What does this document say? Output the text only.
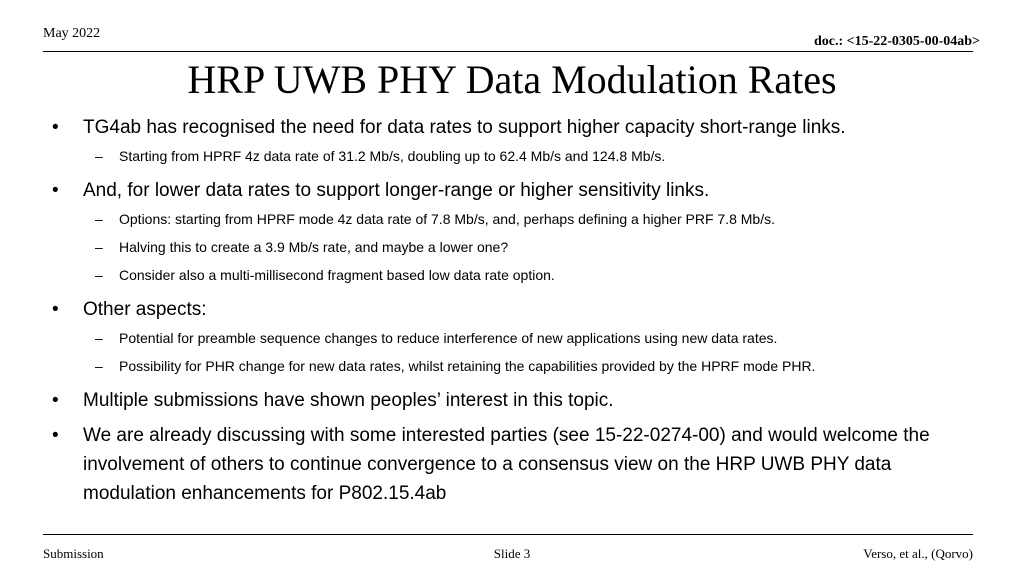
May 2022
doc.: <15-22-0305-00-04ab>
HRP UWB PHY Data Modulation Rates
•	TG4ab has recognised the need for data rates to support higher capacity short-range links.
– Starting from HPRF 4z data rate of 31.2 Mb/s, doubling up to 62.4 Mb/s and 124.8 Mb/s.
•	And, for lower data rates to support longer-range or higher sensitivity links.
– Options: starting from HPRF mode 4z data rate of 7.8 Mb/s, and, perhaps defining a higher PRF 7.8 Mb/s.
– Halving this to create a 3.9 Mb/s rate, and maybe a lower one?
– Consider also a multi-millisecond fragment based low data rate option.
•	Other aspects:
– Potential for preamble sequence changes to reduce interference of new applications using new data rates.
– Possibility for PHR change for new data rates, whilst retaining the capabilities provided by the HPRF mode PHR.
•	Multiple submissions have shown peoples’ interest in this topic.
•	We are already discussing with some interested parties (see 15-22-0274-00) and would welcome the involvement of others to continue convergence to a consensus view on the HRP UWB PHY data modulation enhancements for P802.15.4ab
Submission	Slide 3	Verso, et al., (Qorvo)
